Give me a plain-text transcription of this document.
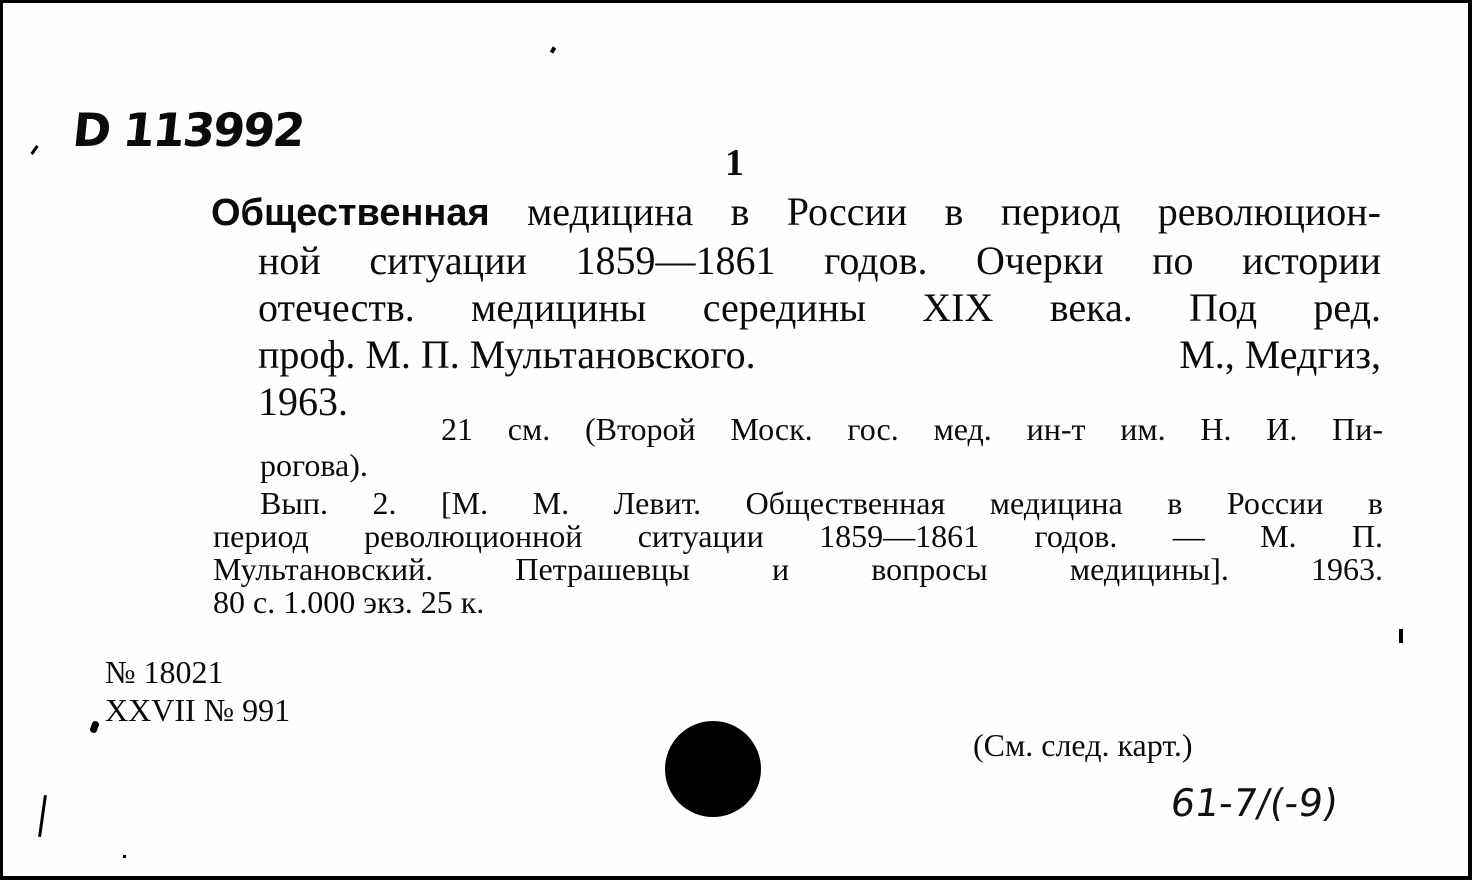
D 113992
1
Общественная медицина в России в период революцион-
ной ситуации 1859—1861 годов. Очерки по истории
отечеств. медицины середины XIX века. Под ред.
проф. М. П. Мультановского.	М., Медгиз,
1963.
21 см. (Второй Моск. гос. мед. ин-т им. Н. И. Пи-
рогова).
Вып. 2. [М. М. Левит. Общественная медицина в России в
период революционной ситуации 1859—1861 годов. — М. П.
Мультановский. Петрашевцы и вопросы медицины]. 1963.
80 с. 1.000 экз. 25 к.
№ 18021
XXVII № 991
(См. след. карт.)
61-7/(-9)
